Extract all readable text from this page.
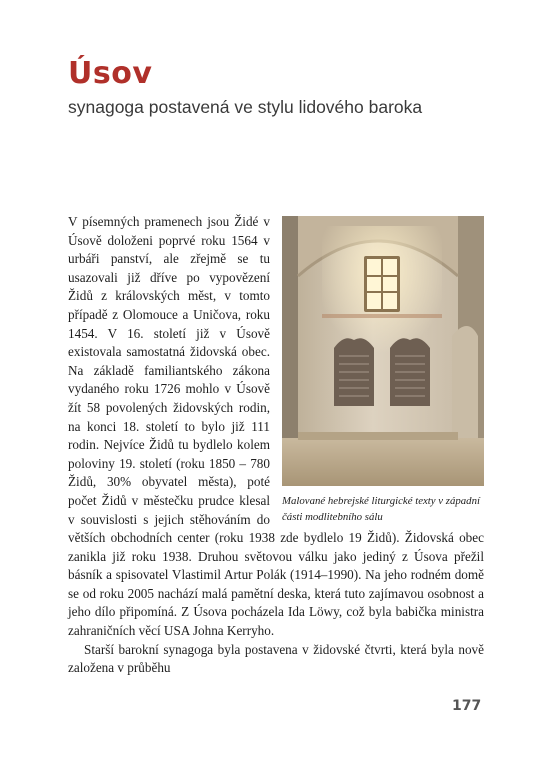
Úsov
synagoga postavená ve stylu lidového baroka
Malované hebrejské liturgické texty v západní části modlitebního sálu

V písemných pramenech jsou Židé v Úsově doloženi poprvé roku 1564 v urbáři panství, ale zřejmě se tu usazovali již dříve po vypovězení Židů z královských měst, v tomto případě z Olomouce a Uničova, roku 1454. V 16. století již v Úsově existovala samostatná židovská obec. Na základě familiantského zákona vydaného roku 1726 mohlo v Úsově žít 58 povolených židovských rodin, na konci 18. století to bylo již 111 rodin. Nejvíce Židů tu bydlelo kolem poloviny 19. století (roku 1850 – 780 Židů, 30% obyvatel města), poté počet Židů v městečku prudce klesal v souvislosti s jejich stěhováním do větších obchodních center (roku 1938 zde bydlelo 19 Židů). Židovská obec zanikla již roku 1938. Druhou světovou válku jako jediný z Úsova přežil básník a spisovatel Vlastimil Artur Polák (1914–1990). Na jeho rodném domě se od roku 2005 nachází malá pamětní deska, která tuto zajímavou osobnost a jeho dílo připomíná. Z Úsova pocházela Ida Löwy, což byla babička ministra zahraničních věcí USA Johna Kerryho.

Starší barokní synagoga byla postavena v židovské čtvrti, která byla nově založena v průběhu

177
